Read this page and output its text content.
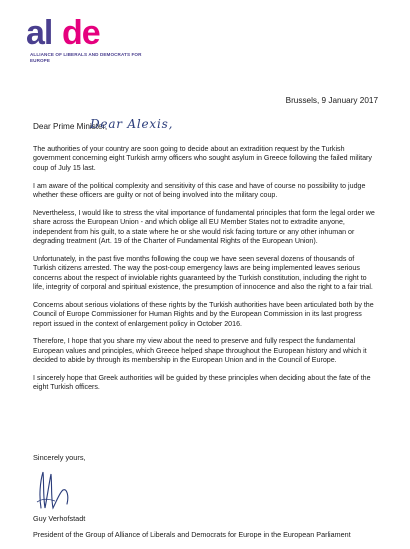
al de
ALLIANCE OF LIBERALS AND DEMOCRATS FOR EUROPE
Brussels, 9 January 2017
Dear Prime Minister,
Dear Alexis,

The authorities of your country are soon going to decide about an extradition request by the Turkish government concerning eight Turkish army officers who sought asylum in Greece following the failed military coup of July 15 last.

I am aware of the political complexity and sensitivity of this case and have of course no possibility to judge whether these officers are guilty or not of being involved into the military coup.

Nevertheless, I would like to stress the vital importance of fundamental principles that form the legal order we share across the European Union - and which oblige all EU Member States not to extradite anyone, independent from his guilt, to a state where he or she would risk facing torture or any other inhuman or degrading treatment (Art. 19 of the Charter of Fundamental Rights of the European Union).

Unfortunately, in the past five months following the coup we have seen several dozens of thousands of Turkish citizens arrested. The way the post-coup emergency laws are being implemented leaves serious concerns about the respect of inviolable rights guaranteed by the Turkish constitution, including the right to life, integrity of corporal and spiritual existence, the presumption of innocence and also the right to a fair trial.

Concerns about serious violations of these rights by the Turkish authorities have been articulated both by the Council of Europe Commissioner for Human Rights and by the European Commission in its last progress report issued in the context of enlargement policy in October 2016.

Therefore, I hope that you share my view about the need to preserve and fully respect the fundamental European values and principles, which Greece helped shape throughout the European history and which it decided to abide by through its membership in the European Union and in the Council of Europe.

I sincerely hope that Greek authorities will be guided by these principles when deciding about the fate of the eight Turkish officers.

Sincerely yours,
Guy Verhofstadt
President of the Group of Alliance of Liberals and Democrats for Europe in the European Parliament
